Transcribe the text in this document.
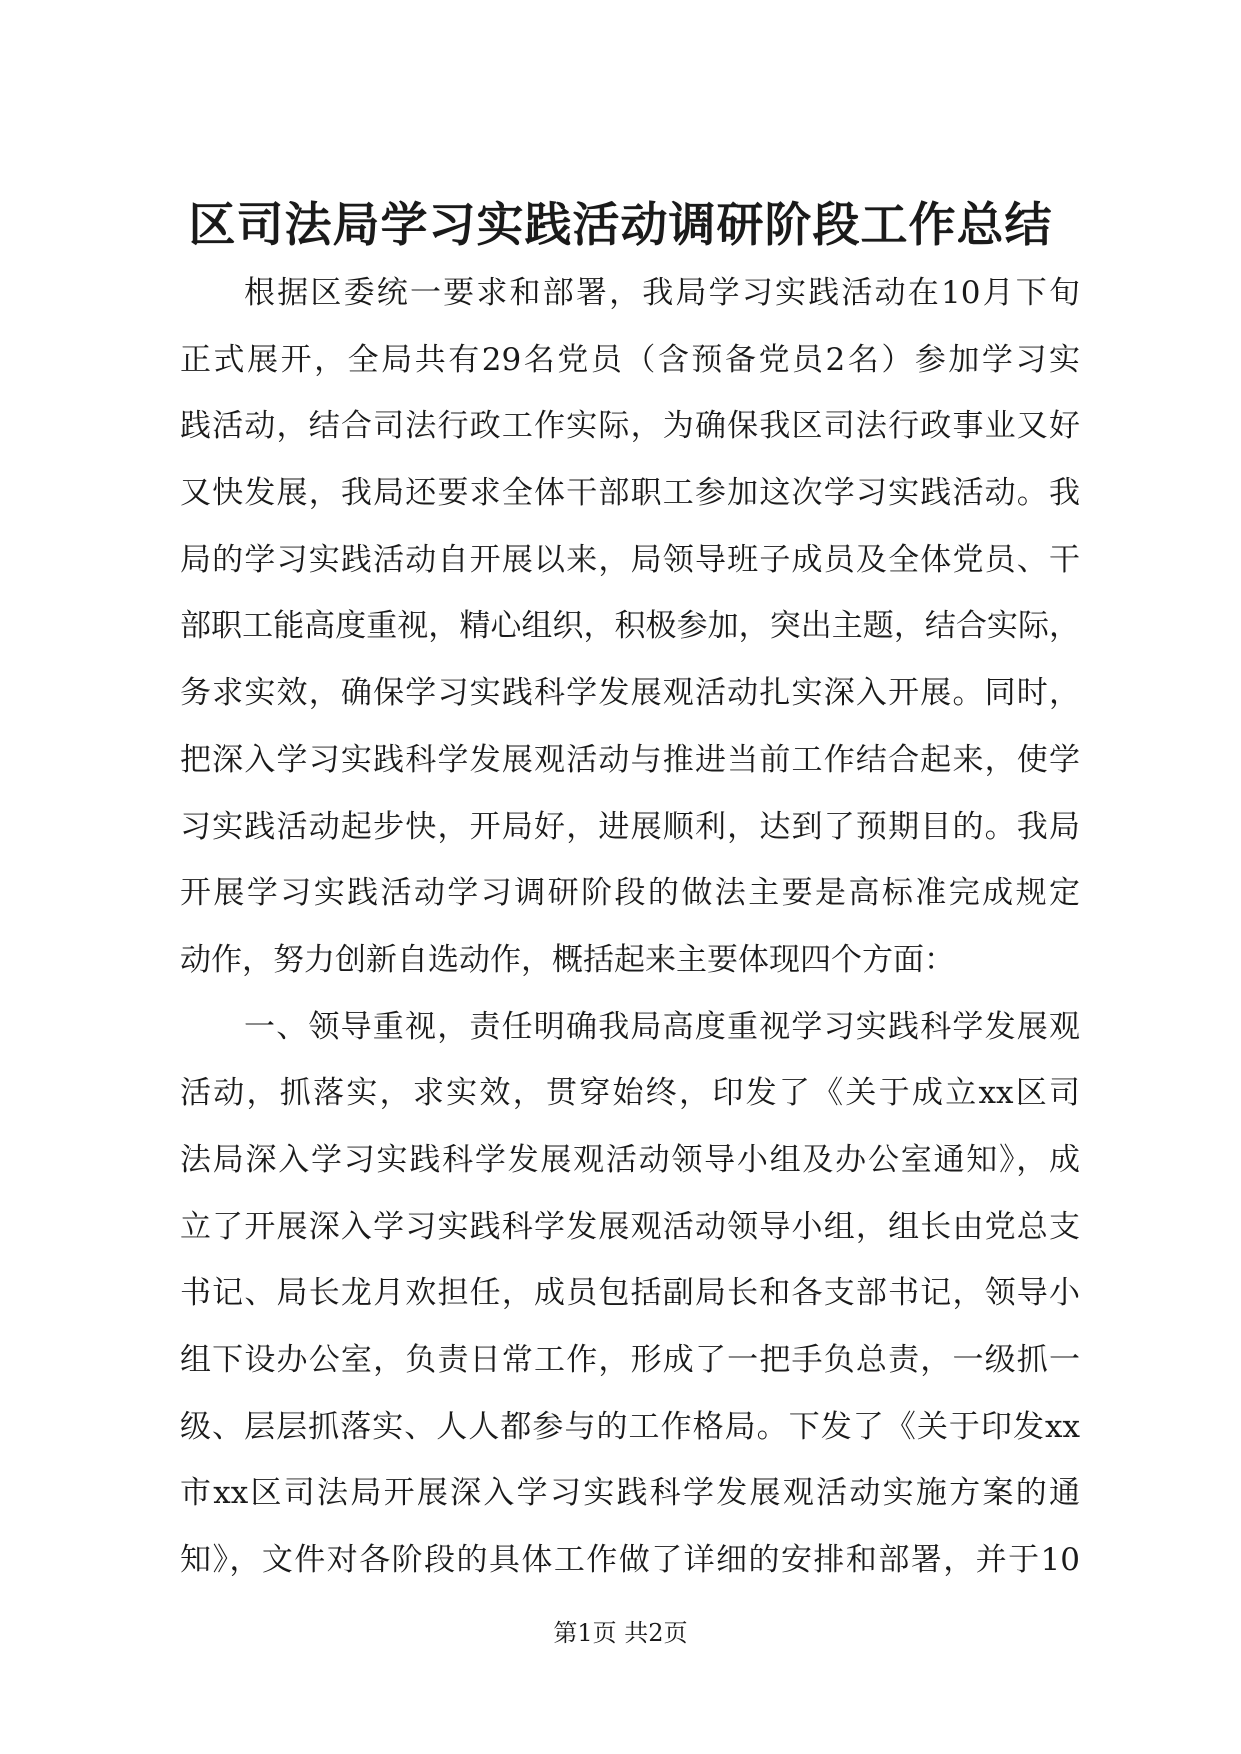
区司法局学习实践活动调研阶段工作总结
根据区委统一要求和部署，我局学习实践活动在10月下旬
正式展开，全局共有29名党员（含预备党员2名）参加学习实
践活动，结合司法行政工作实际，为确保我区司法行政事业又好
又快发展，我局还要求全体干部职工参加这次学习实践活动。我
局的学习实践活动自开展以来，局领导班子成员及全体党员、干
部职工能高度重视，精心组织，积极参加，突出主题，结合实际，
务求实效，确保学习实践科学发展观活动扎实深入开展。同时，
把深入学习实践科学发展观活动与推进当前工作结合起来，使学
习实践活动起步快，开局好，进展顺利，达到了预期目的。我局
开展学习实践活动学习调研阶段的做法主要是高标准完成规定
动作，努力创新自选动作，概括起来主要体现四个方面：
一、领导重视，责任明确我局高度重视学习实践科学发展观
活动，抓落实，求实效，贯穿始终，印发了《关于成立xx区司
法局深入学习实践科学发展观活动领导小组及办公室通知》，成
立了开展深入学习实践科学发展观活动领导小组，组长由党总支
书记、局长龙月欢担任，成员包括副局长和各支部书记，领导小
组下设办公室，负责日常工作，形成了一把手负总责，一级抓一
级、层层抓落实、人人都参与的工作格局。下发了《关于印发xx
市xx区司法局开展深入学习实践科学发展观活动实施方案的通
知》，文件对各阶段的具体工作做了详细的安排和部署，并于10
第1页 共2页
